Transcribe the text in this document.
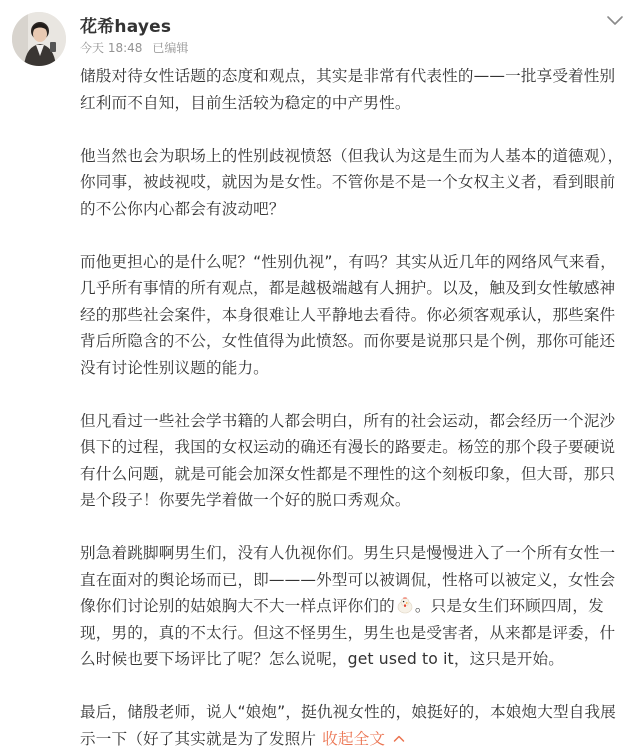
花希hayes
今天 18:48 已编辑

储殷对待女性话题的态度和观点，其实是非常有代表性的——一批享受着性别红利而不自知，目前生活较为稳定的中产男性。

他当然也会为职场上的性别歧视愤怒（但我认为这是生而为人基本的道德观），你同事，被歧视哎，就因为是女性。不管你是不是一个女权主义者，看到眼前的不公你内心都会有波动吧？

而他更担心的是什么呢？“性别仇视”，有吗？其实从近几年的网络风气来看，几乎所有事情的所有观点，都是越极端越有人拥护。以及，触及到女性敏感神经的那些社会案件，本身很难让人平静地去看待。你必须客观承认，那些案件背后所隐含的不公，女性值得为此愤怒。而你要是说那只是个例，那你可能还没有讨论性别议题的能力。

但凡看过一些社会学书籍的人都会明白，所有的社会运动，都会经历一个泥沙俱下的过程，我国的女权运动的确还有漫长的路要走。杨笠的那个段子要硬说有什么问题，就是可能会加深女性都是不理性的这个刻板印象，但大哥，那只是个段子！你要先学着做一个好的脱口秀观众。

别急着跳脚啊男生们，没有人仇视你们。男生只是慢慢进入了一个所有女性一直在面对的舆论场而已，即———外型可以被调侃，性格可以被定义，女性会像你们讨论别的姑娘胸大不大一样点评你们的 。只是女生们环顾四周，发现，男的，真的不太行。但这不怪男生，男生也是受害者，从来都是评委，什么时候也要下场评比了呢？怎么说呢，get used to it，这只是开始。

最后，储殷老师，说人“娘炮”，挺仇视女性的，娘挺好的，本娘炮大型自我展示一下（好了其实就是为了发照片 收起全文
